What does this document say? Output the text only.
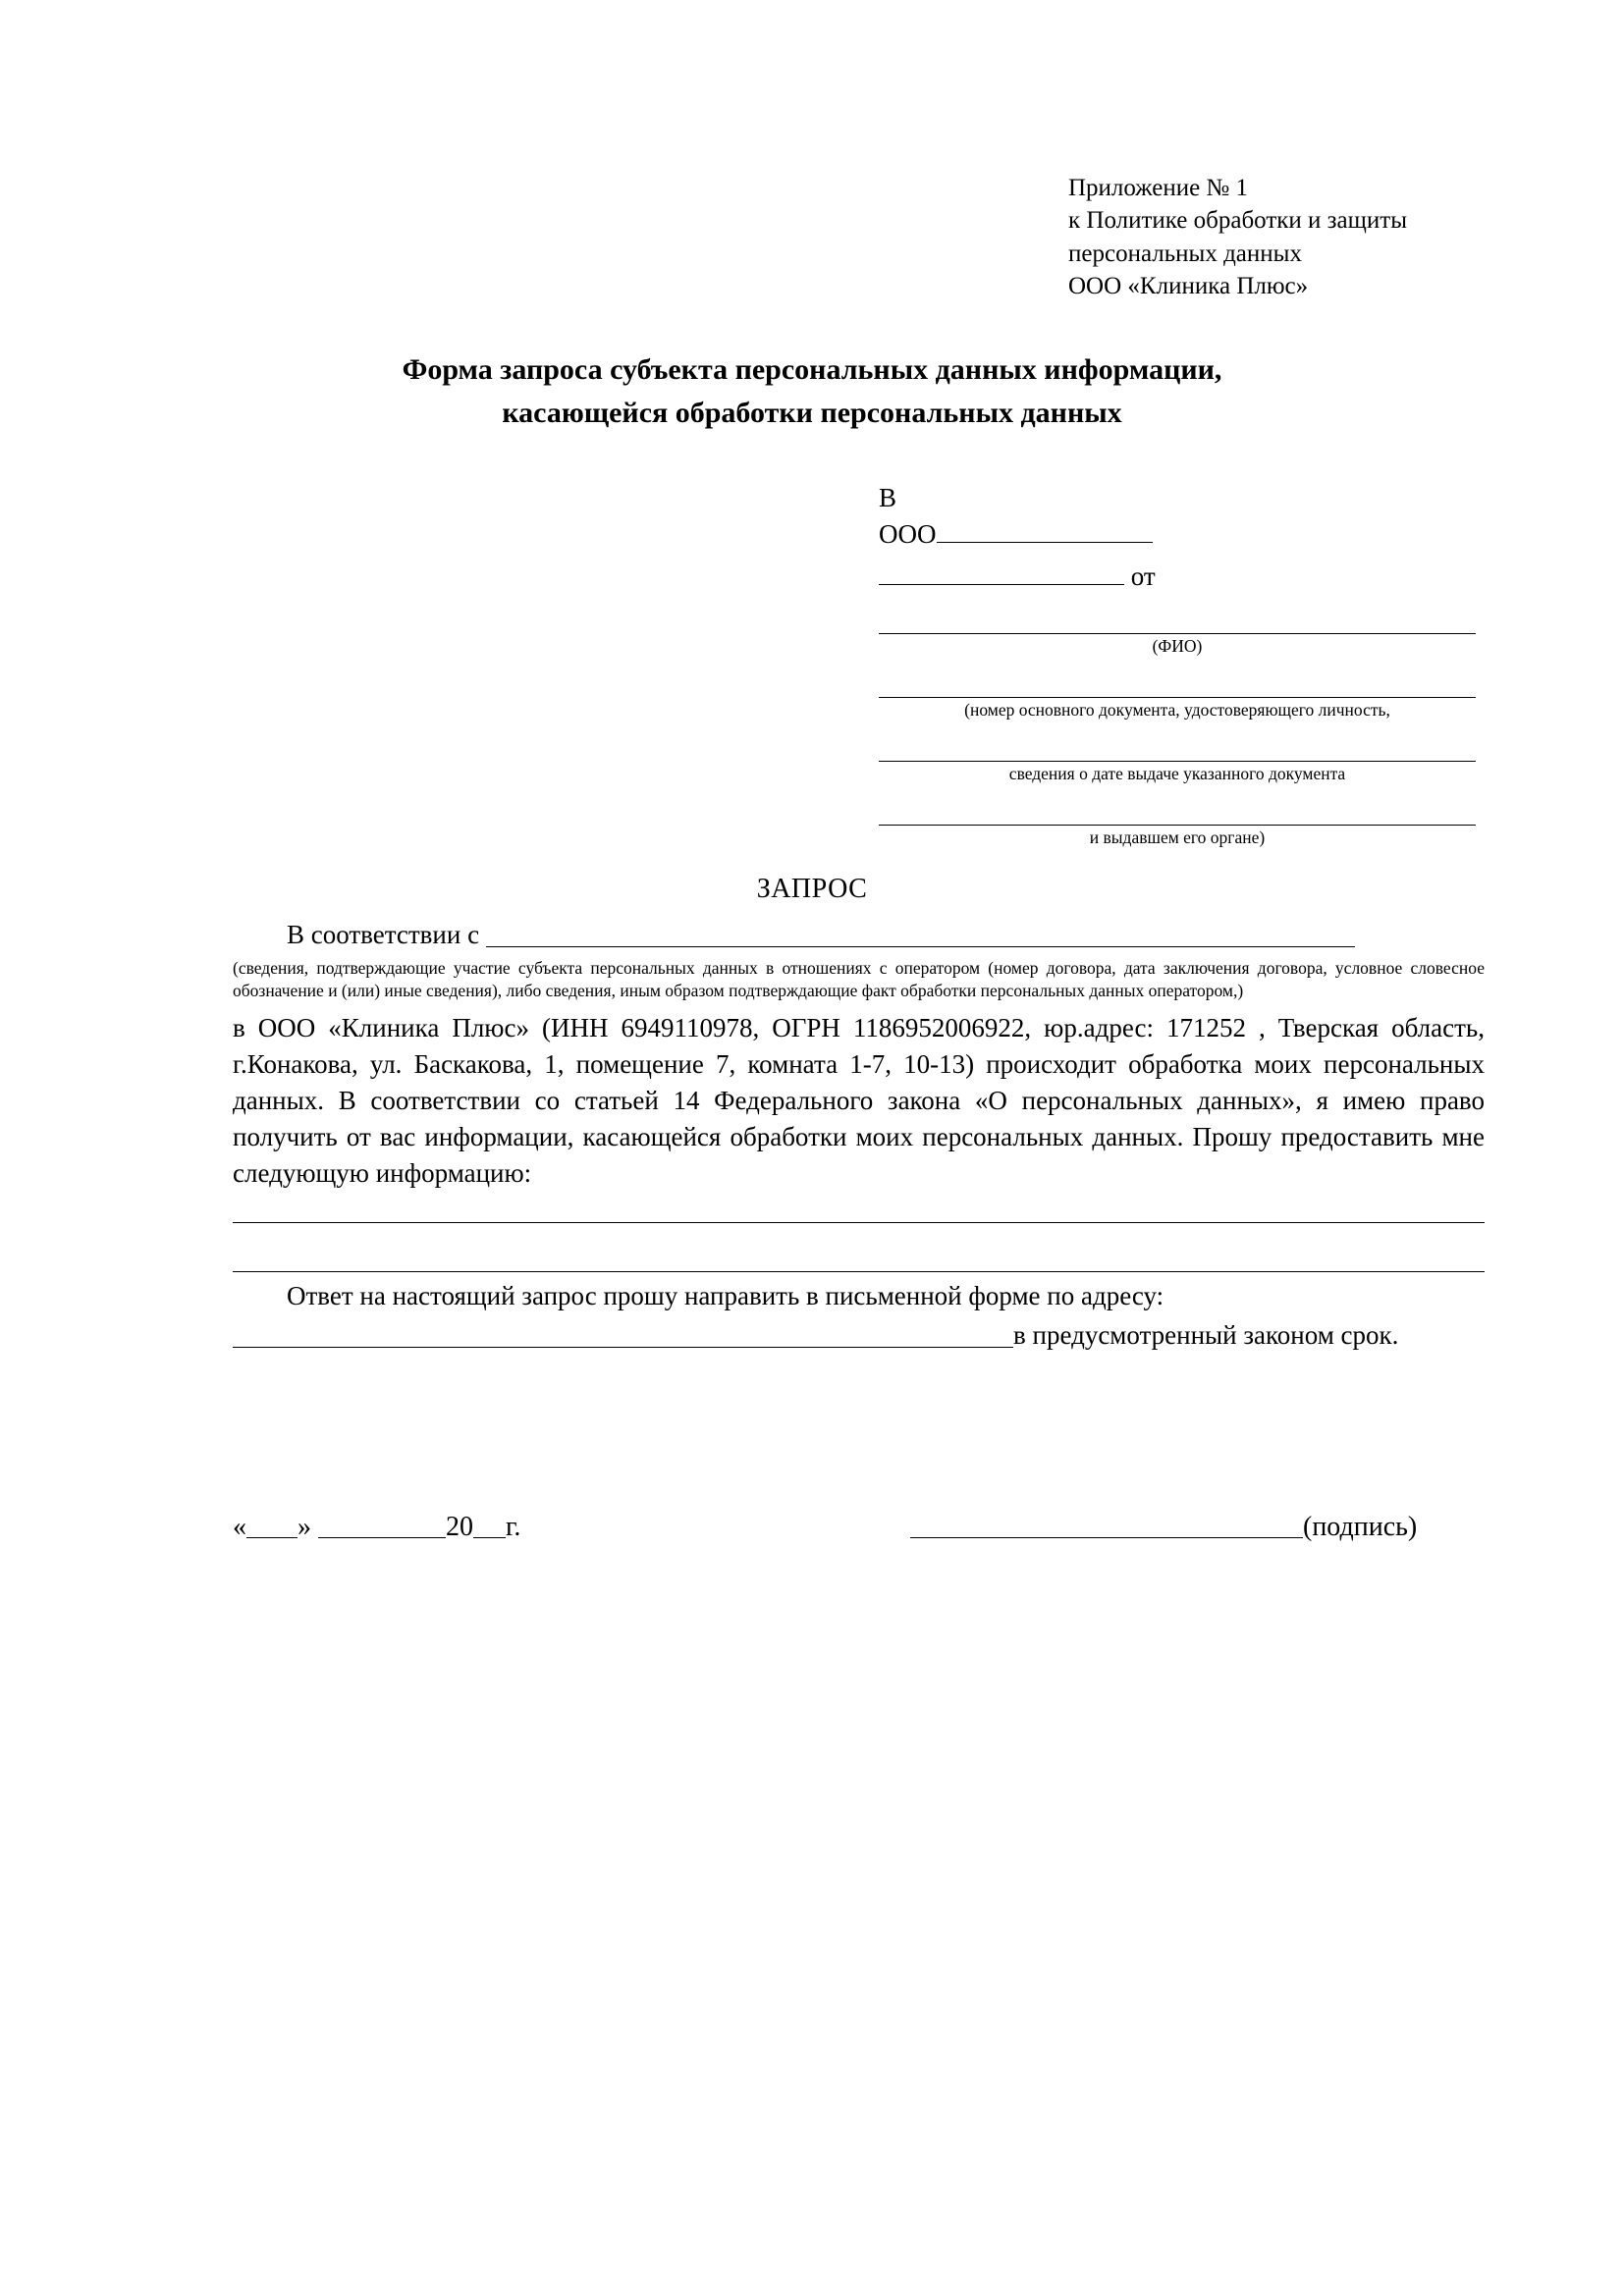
Приложение № 1
к Политике обработки и защиты
персональных данных
ООО «Клиника Плюс»
Форма запроса субъекта персональных данных информации,
касающейся обработки персональных данных
В
ООО
от
(ФИО)
(номер основного документа, удостоверяющего личность,
сведения о дате выдаче указанного документа
и выдавшем его органе)
ЗАПРОС
В соответствии с
(сведения, подтверждающие участие субъекта персональных данных в отношениях с оператором (номер договора, дата заключения договора, условное словесное обозначение и (или) иные сведения), либо сведения, иным образом подтверждающие факт обработки персональных данных оператором,)
в ООО «Клиника Плюс» (ИНН 6949110978, ОГРН 1186952006922, юр.адрес: 171252 , Тверская область, г.Конакова, ул. Баскакова, 1, помещение 7, комната 1-7, 10-13) происходит обработка моих персональных данных. В соответствии со статьей 14 Федерального закона «О персональных данных», я имею право получить от вас информации, касающейся обработки моих персональных данных. Прошу предоставить мне следующую информацию:
Ответ на настоящий запрос прошу направить в письменной форме по адресу:
в предусмотренный законом срок.
« »	20 г.	(подпись)
